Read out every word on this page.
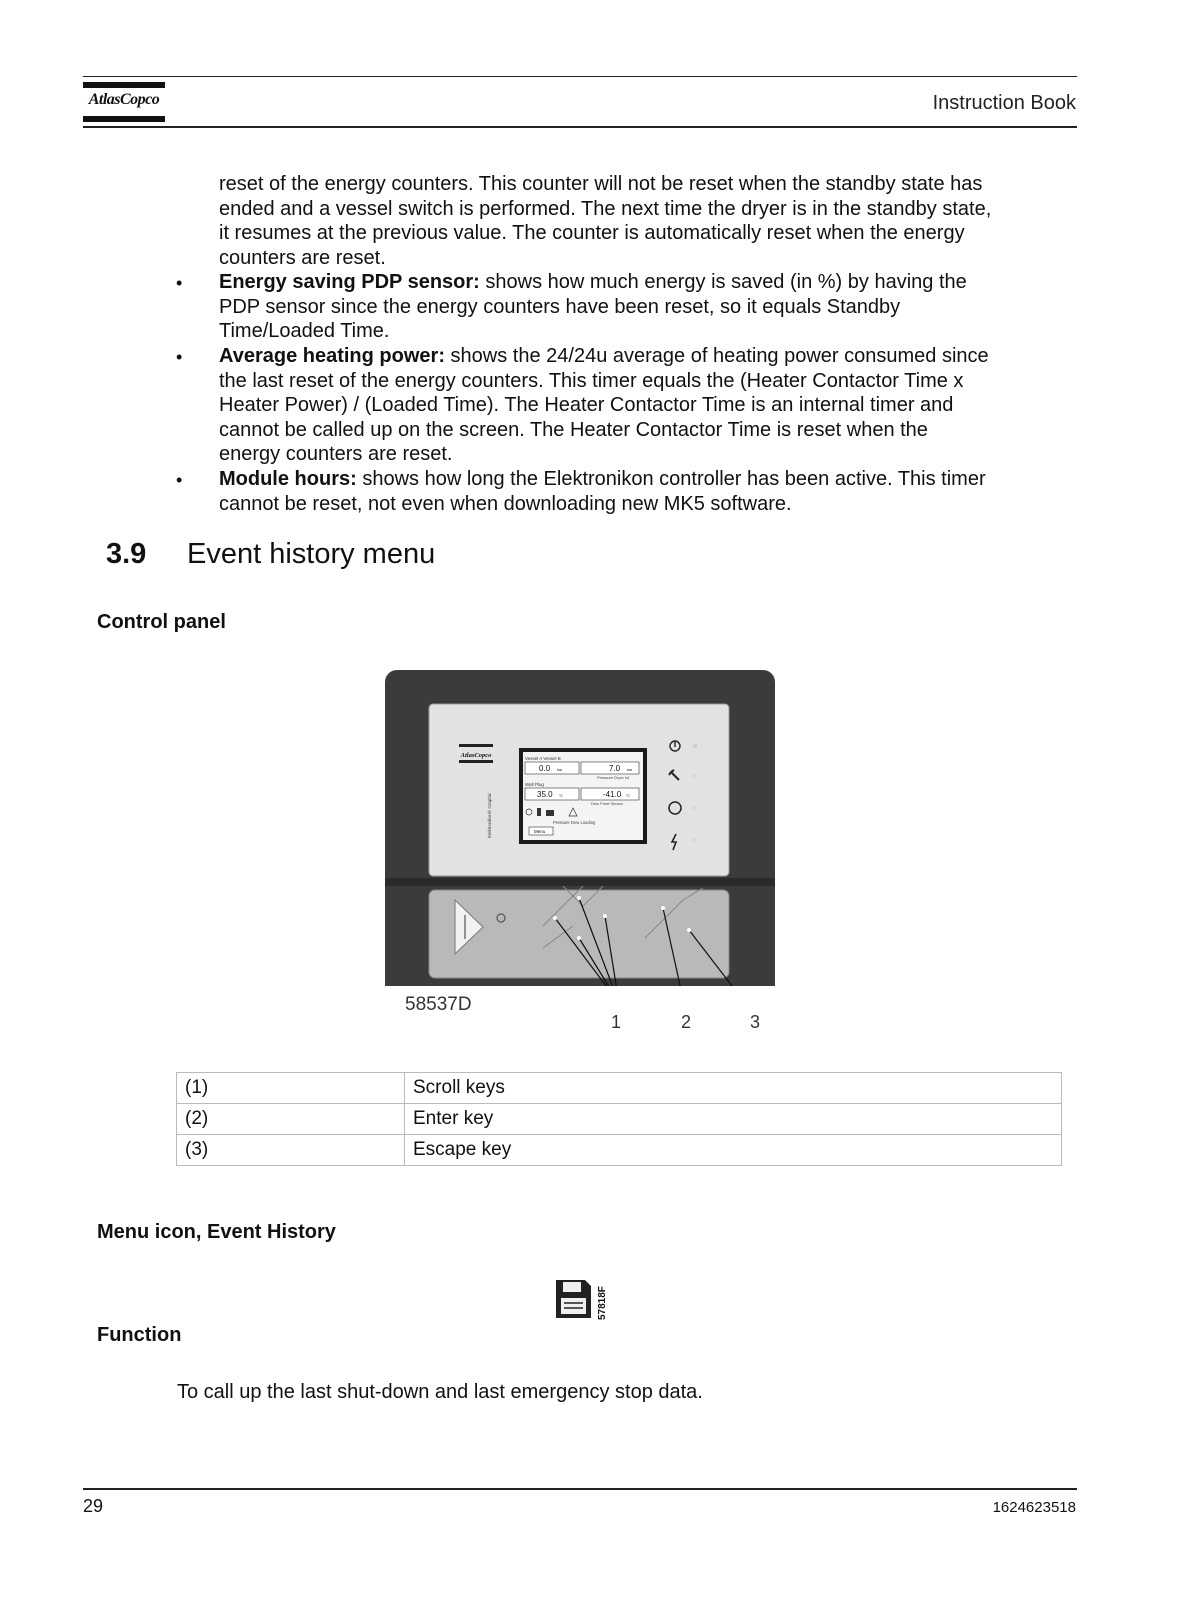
AtlasCopco	Instruction Book

reset of the energy counters. This counter will not be reset when the standby state has
ended and a vessel switch is performed. The next time the dryer is in the standby state,
it resumes at the previous value. The counter is automatically reset when the energy
counters are reset.

• Energy saving PDP sensor: shows how much energy is saved (in %) by having the
PDP sensor since the energy counters have been reset, so it equals Standby
Time/Loaded Time.

• Average heating power: shows the 24/24u average of heating power consumed since
the last reset of the energy counters. This timer equals the (Heater Contactor Time x
Heater Power) / (Loaded Time). The Heater Contactor Time is an internal timer and
cannot be called up on the screen. The Heater Contactor Time is reset when the
energy counters are reset.

• Module hours: shows how long the Elektronikon controller has been active. This timer
cannot be reset, not even when downloading new MK5 software.

3.9 Event history menu
Control panel
AtlasCopco
Elektronikon® Graphic
Vessel A Vessel B
0.0 bar	7.0 bar
Pressure Dryer Inl
Wall Plug
35.0 °C	-41.0 °C
Dew Point Sensor
Pressure Dew Loading
Menu
58537D
1	2	3
(1)	Scroll keys
(2)	Enter key
(3)	Escape key
Menu icon, Event History
57818F
Function
To call up the last shut-down and last emergency stop data.
29	1624623518
